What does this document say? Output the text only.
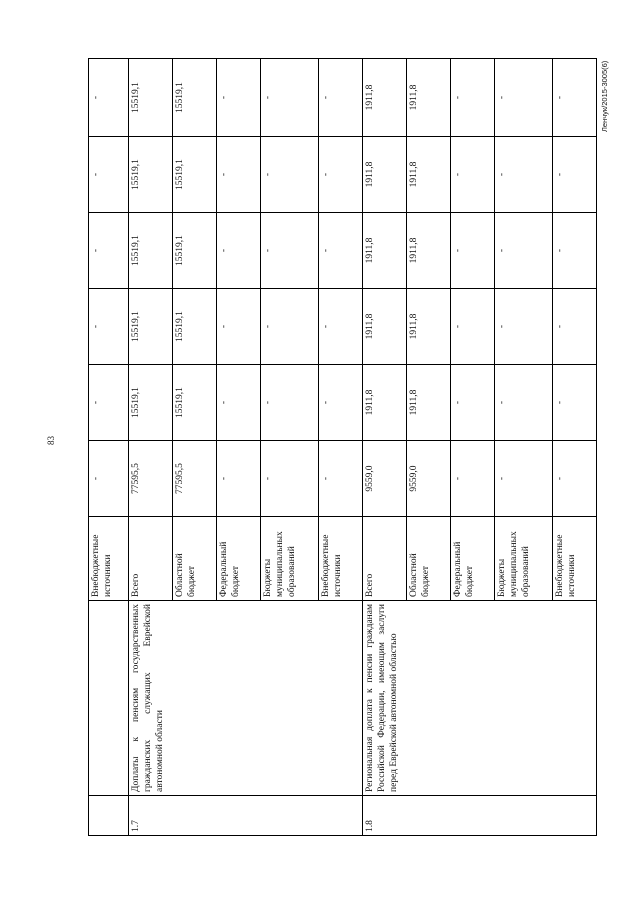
83
Ленчук/2015-3005(6)
		Внебюджетные источники	-	-	-	-	-	-
1.7	Доплаты к пенсиям государственных гражданских служащих Еврейской автономной области	Всего	77595,5	15519,1	15519,1	15519,1	15519,1	15519,1
		Областной бюджет	77595,5	15519,1	15519,1	15519,1	15519,1	15519,1
		Федеральный бюджет	-	-	-	-	-	-
		Бюджеты муниципальных образований	-	-	-	-	-	-
		Внебюджетные источники	-	-	-	-	-	-
1.8	Региональная доплата к пенсии гражданам Российской Федерации, имеющим заслуги перед Еврейской автономной областью	Всего	9559,0	1911,8	1911,8	1911,8	1911,8	1911,8
		Областной бюджет	9559,0	1911,8	1911,8	1911,8	1911,8	1911,8
		Федеральный бюджет	-	-	-	-	-	-
		Бюджеты муниципальных образований	-	-	-	-	-	-
		Внебюджетные источники	-	-	-	-	-	-
